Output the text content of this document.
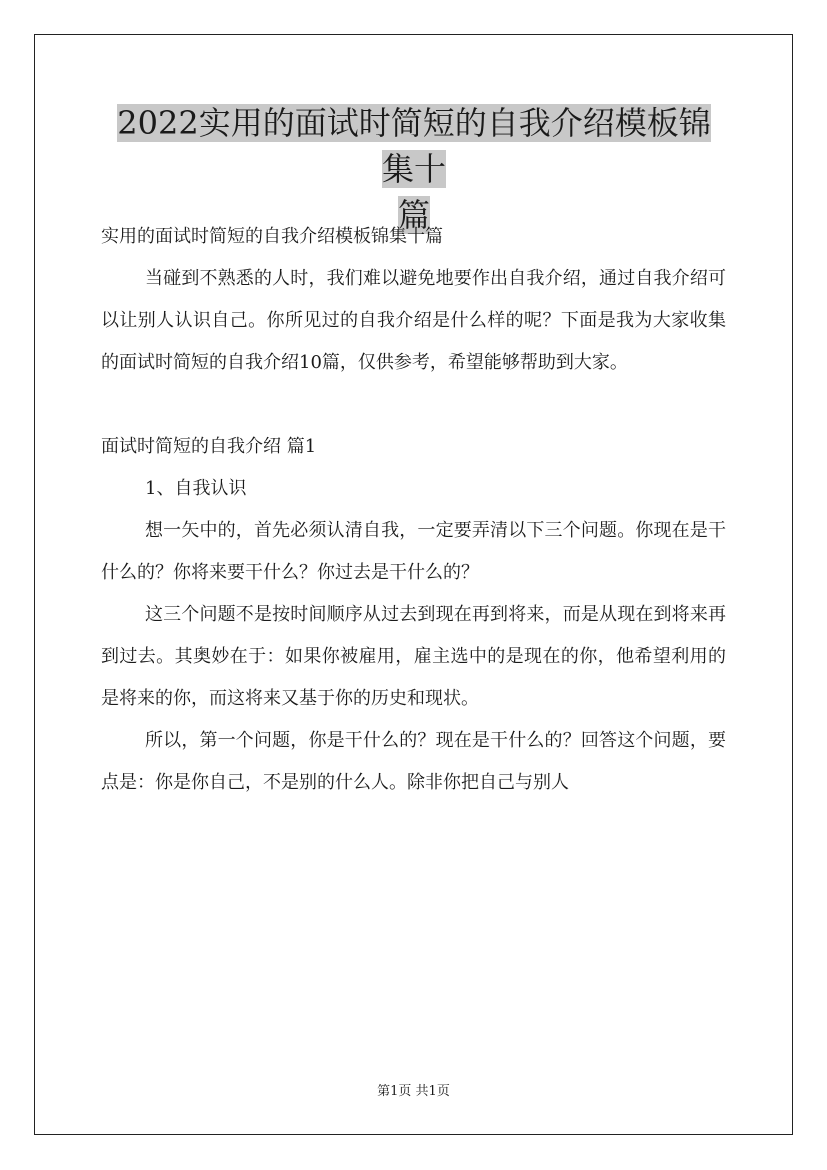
2022实用的面试时简短的自我介绍模板锦集十
篇

实用的面试时简短的自我介绍模板锦集十篇

当碰到不熟悉的人时，我们难以避免地要作出自我介绍，通过自我介绍可以让别人认识自己。你所见过的自我介绍是什么样的呢？下面是我为大家收集的面试时简短的自我介绍10篇，仅供参考，希望能够帮助到大家。

面试时简短的自我介绍 篇1

1、自我认识

想一矢中的，首先必须认清自我，一定要弄清以下三个问题。你现在是干什么的？你将来要干什么？你过去是干什么的？

这三个问题不是按时间顺序从过去到现在再到将来，而是从现在到将来再到过去。其奥妙在于：如果你被雇用，雇主选中的是现在的你，他希望利用的是将来的你，而这将来又基于你的历史和现状。

所以，第一个问题，你是干什么的？现在是干什么的？回答这个问题，要点是：你是你自己，不是别的什么人。除非你把自己与别人

第1页 共1页
